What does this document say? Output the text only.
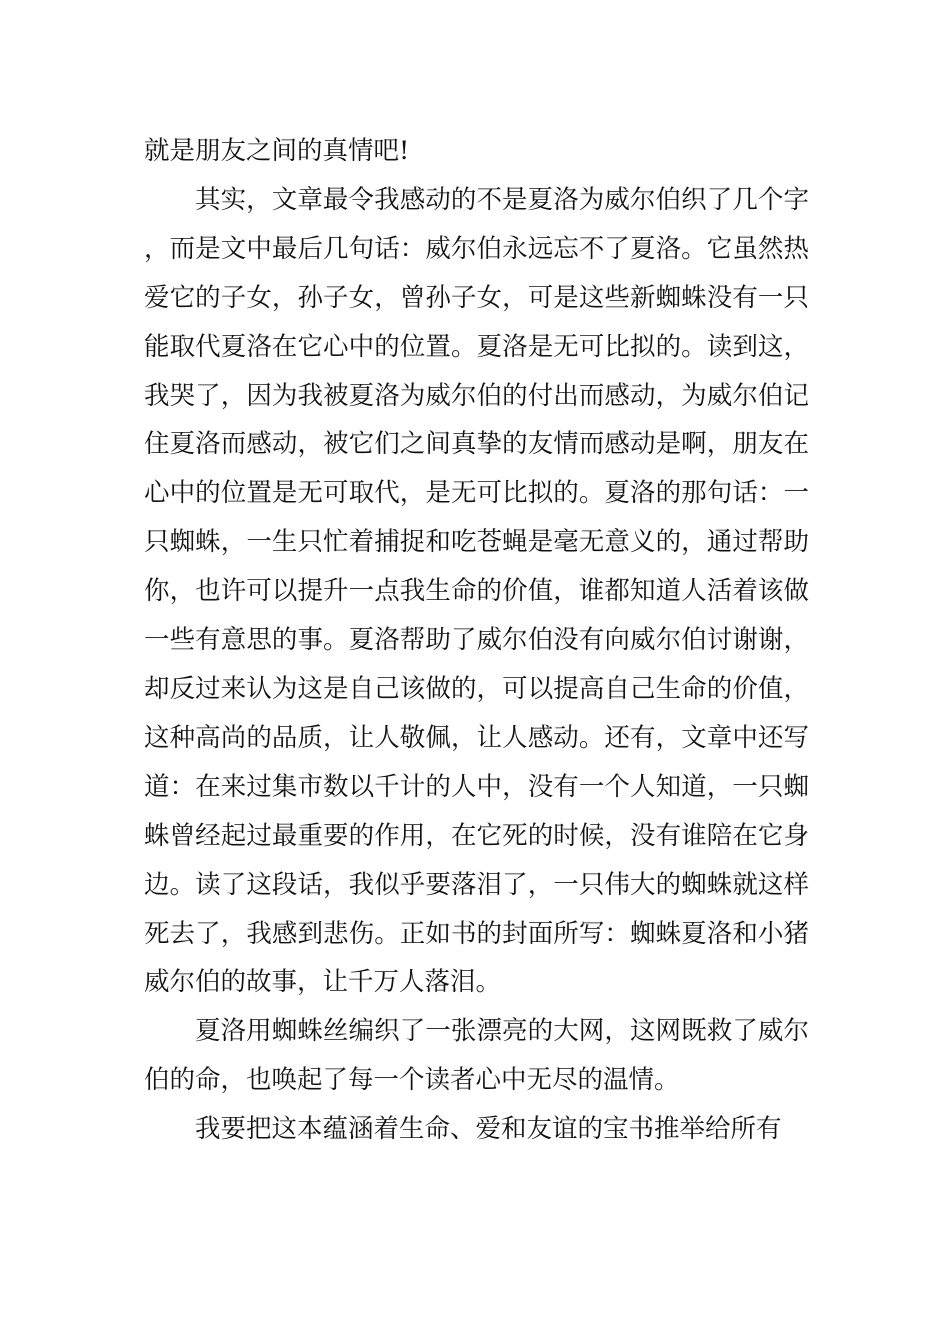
就是朋友之间的真情吧!

其实，文章最令我感动的不是夏洛为威尔伯织了几个字，而是文中最后几句话：威尔伯永远忘不了夏洛。它虽然热爱它的子女，孙子女，曾孙子女，可是这些新蜘蛛没有一只能取代夏洛在它心中的位置。夏洛是无可比拟的。读到这，我哭了，因为我被夏洛为威尔伯的付出而感动，为威尔伯记住夏洛而感动，被它们之间真挚的友情而感动是啊，朋友在心中的位置是无可取代，是无可比拟的。夏洛的那句话：一只蜘蛛，一生只忙着捕捉和吃苍蝇是毫无意义的，通过帮助你，也许可以提升一点我生命的价值，谁都知道人活着该做一些有意思的事。夏洛帮助了威尔伯没有向威尔伯讨谢谢，却反过来认为这是自己该做的，可以提高自己生命的价值，这种高尚的品质，让人敬佩，让人感动。还有，文章中还写道：在来过集市数以千计的人中，没有一个人知道，一只蜘蛛曾经起过最重要的作用，在它死的时候，没有谁陪在它身边。读了这段话，我似乎要落泪了，一只伟大的蜘蛛就这样死去了，我感到悲伤。正如书的封面所写：蜘蛛夏洛和小猪威尔伯的故事，让千万人落泪。

夏洛用蜘蛛丝编织了一张漂亮的大网，这网既救了威尔伯的命，也唤起了每一个读者心中无尽的温情。

我要把这本蕴涵着生命、爱和友谊的宝书推举给所有
